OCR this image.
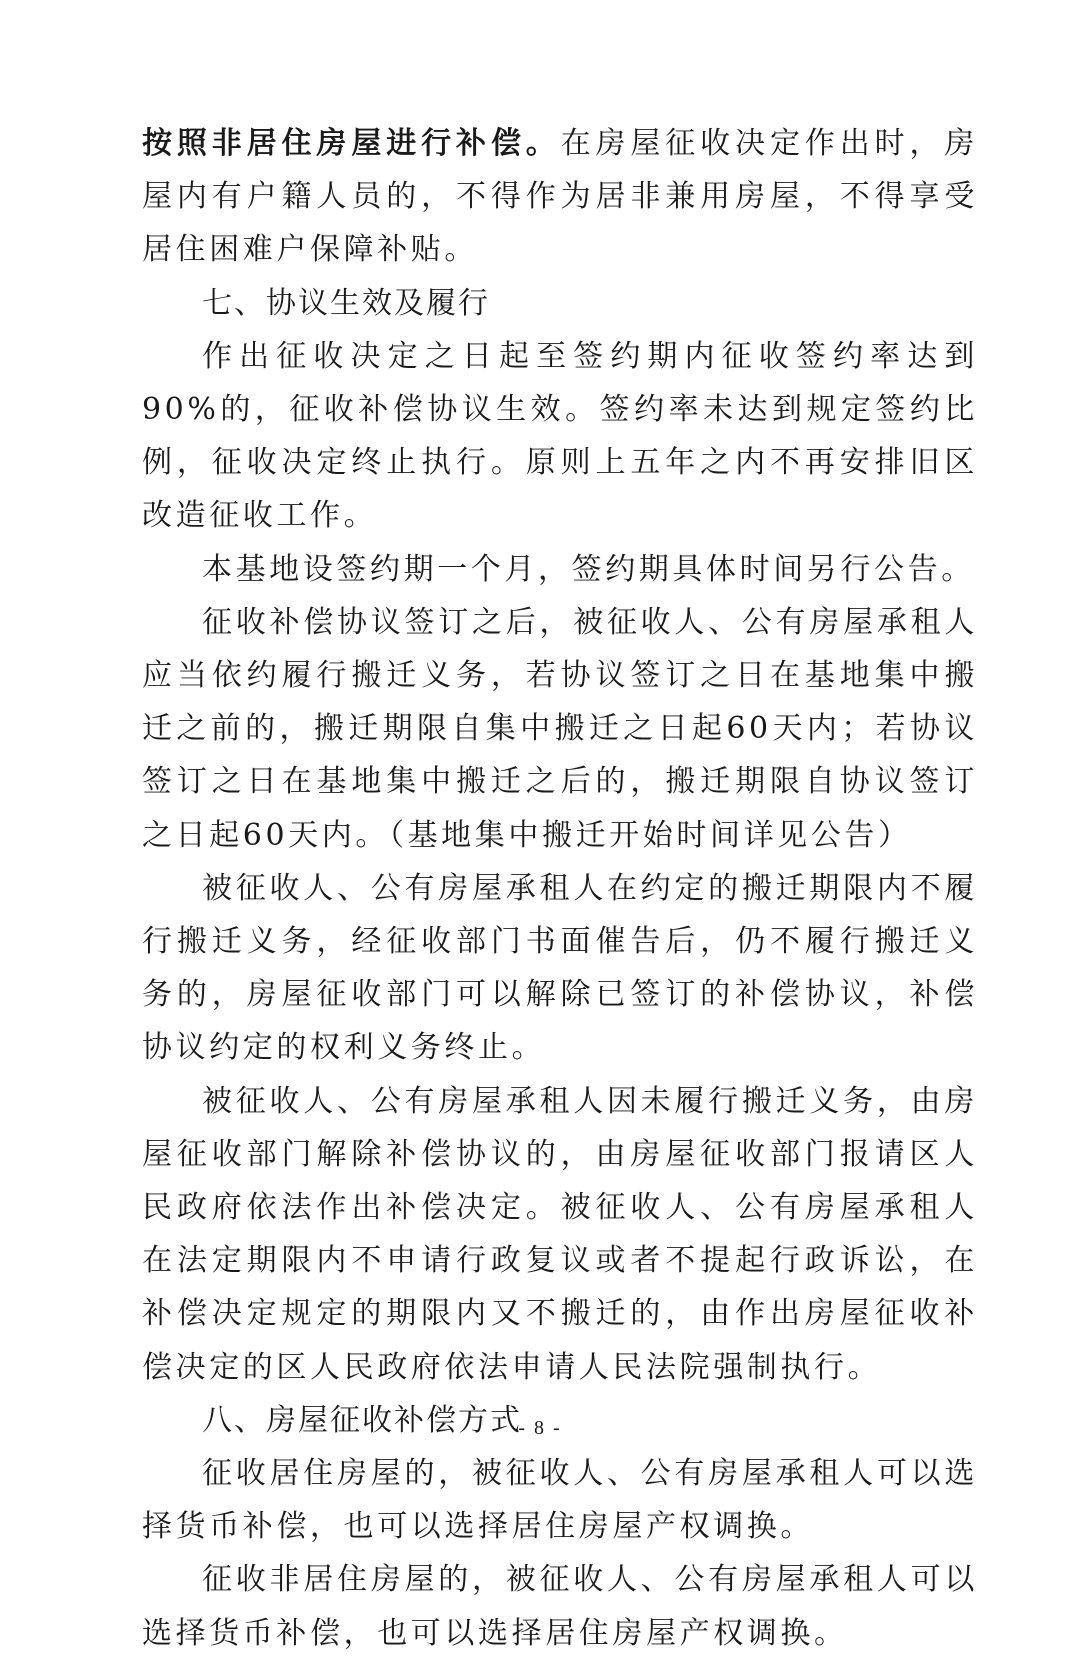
按照非居住房屋进行补偿。在房屋征收决定作出时，房屋内有户籍人员的，不得作为居非兼用房屋，不得享受居住困难户保障补贴。

七、协议生效及履行

作出征收决定之日起至签约期内征收签约率达到90%的，征收补偿协议生效。签约率未达到规定签约比例，征收决定终止执行。原则上五年之内不再安排旧区改造征收工作。

本基地设签约期一个月，签约期具体时间另行公告。

征收补偿协议签订之后，被征收人、公有房屋承租人应当依约履行搬迁义务，若协议签订之日在基地集中搬迁之前的，搬迁期限自集中搬迁之日起60天内；若协议签订之日在基地集中搬迁之后的，搬迁期限自协议签订之日起60天内。（基地集中搬迁开始时间详见公告）

被征收人、公有房屋承租人在约定的搬迁期限内不履行搬迁义务，经征收部门书面催告后，仍不履行搬迁义务的，房屋征收部门可以解除已签订的补偿协议，补偿协议约定的权利义务终止。

被征收人、公有房屋承租人因未履行搬迁义务，由房屋征收部门解除补偿协议的，由房屋征收部门报请区人民政府依法作出补偿决定。被征收人、公有房屋承租人在法定期限内不申请行政复议或者不提起行政诉讼，在补偿决定规定的期限内又不搬迁的，由作出房屋征收补偿决定的区人民政府依法申请人民法院强制执行。

八、房屋征收补偿方式

征收居住房屋的，被征收人、公有房屋承租人可以选择货币补偿，也可以选择居住房屋产权调换。

征收非居住房屋的，被征收人、公有房屋承租人可以选择货币补偿，也可以选择居住房屋产权调换。

- 8 -
